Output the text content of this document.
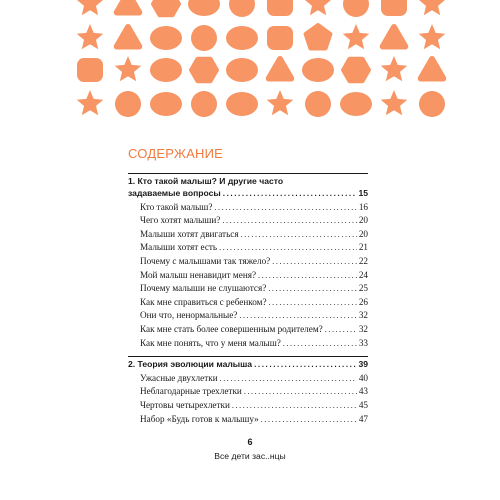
СОДЕРЖАНИЕ
1. Кто такой малыш? И другие часто
задаваемые вопросы .....	15
Кто такой малыш? .....	16
Чего хотят малыши? .....	20
Малыши хотят двигаться .....	20
Малыши хотят есть .....	21
Почему с малышами так тяжело? .....	22
Мой малыш ненавидит меня? .....	24
Почему малыши не слушаются? .....	25
Как мне справиться с ребенком? .....	26
Они что, ненормальные? .....	32
Как мне стать более совершенным родителем? .....	32
Как мне понять, что у меня малыш? .....	33
2. Теория эволюции малыша .....	39
Ужасные двухлетки .....	40
Неблагодарные трехлетки .....	43
Чертовы четырехлетки .....	45
Набор «Будь готов к малышу» .....	47
6
Все дети зас..нцы
